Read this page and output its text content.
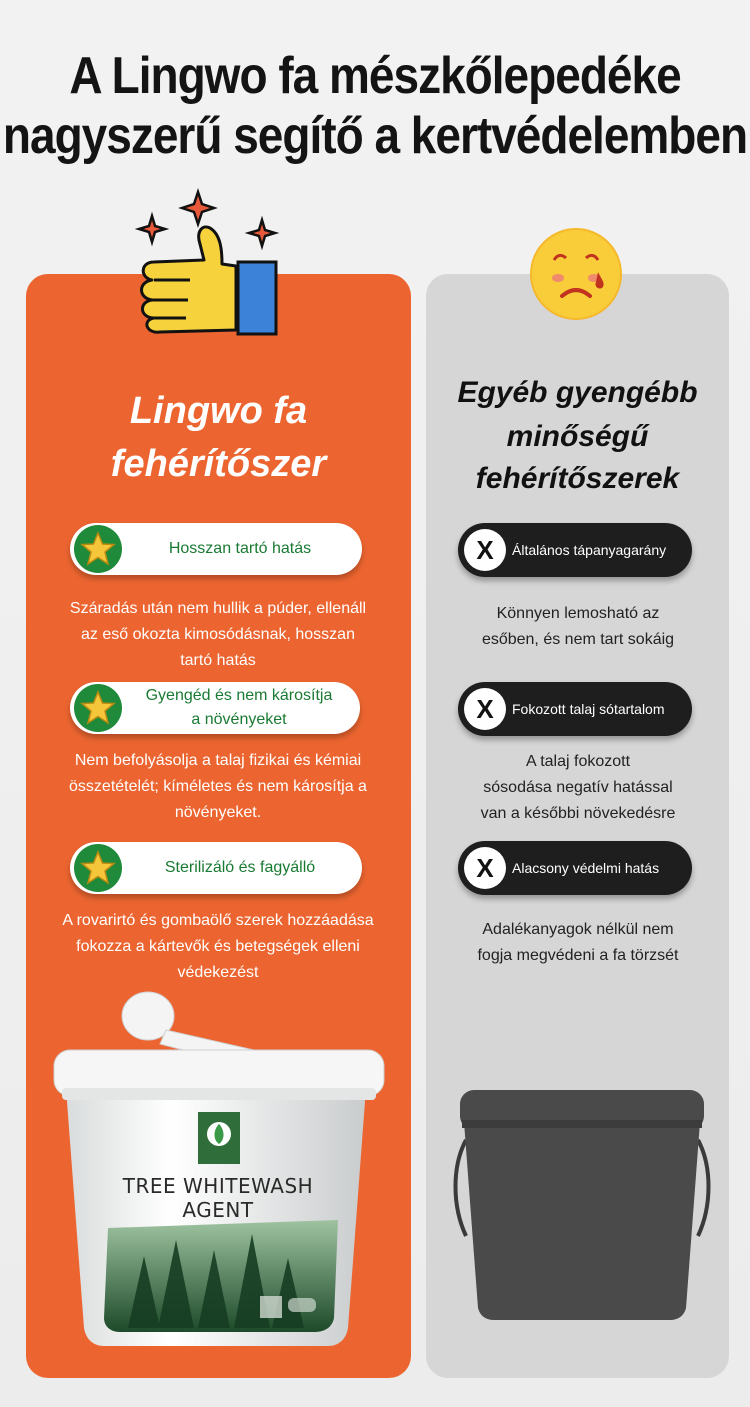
A Lingwo fa mészkőlepedéke
nagyszerű segítő a kertvédelemben
Lingwo fa
fehérítőszer
Egyéb gyengébb
minőségű
fehérítőszerek
Hosszan tartó hatás
Száradás után nem hullik a púder, ellenáll
az eső okozta kimosódásnak, hosszan
tartó hatás
Gyengéd és nem károsítja
a növényeket
Nem befolyásolja a talaj fizikai és kémiai
összetételét; kíméletes és nem károsítja a
növényeket.
Sterilizáló és fagyálló
A rovarirtó és gombaölő szerek hozzáadása
fokozza a kártevők és betegségek elleni
védekezést
X	Általános tápanyagarány
Könnyen lemosható az
esőben, és nem tart sokáig
X	Fokozott talaj sótartalom
A talaj fokozott
sósodása negatív hatással
van a későbbi növekedésre
X	Alacsony védelmi hatás
Adalékanyagok nélkül nem
fogja megvédeni a fa törzsét
TREE WHITEWASH AGENT
